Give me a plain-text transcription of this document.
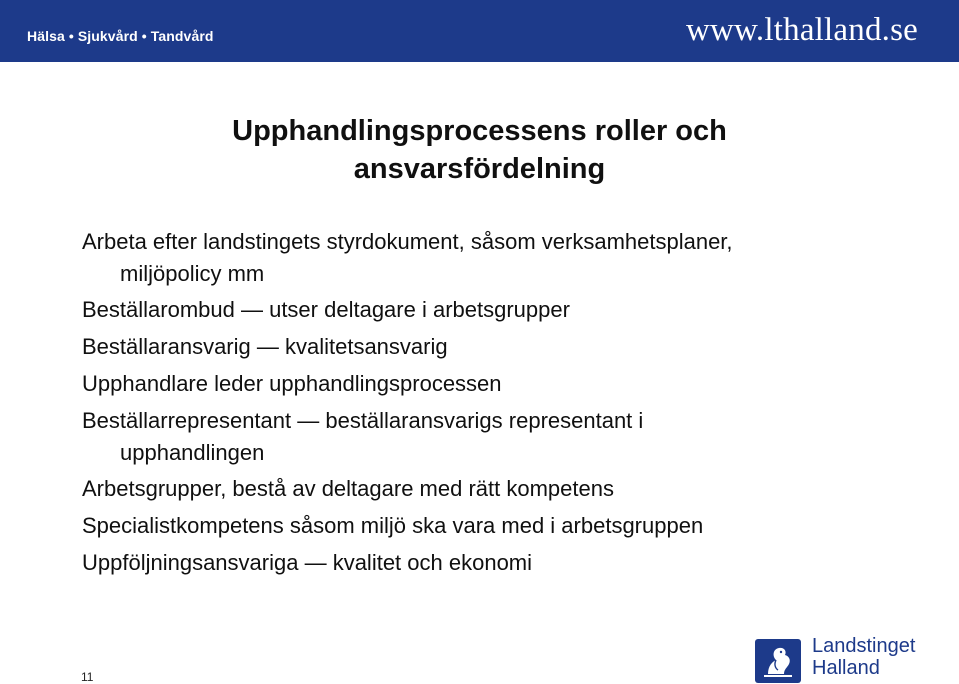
Hälsa • Sjukvård • Tandvård	www.lthalland.se
Upphandlingsprocessens roller och
ansvarsfördelning
Arbeta efter landstingets styrdokument, såsom verksamhetsplaner,
miljöpolicy mm
Beställarombud — utser deltagare i arbetsgrupper
Beställaransvarig — kvalitetsansvarig
Upphandlare leder upphandlingsprocessen
Beställarrepresentant — beställaransvarigs representant i
upphandlingen
Arbetsgrupper, bestå av deltagare med rätt kompetens
Specialistkompetens såsom miljö ska vara med i arbetsgruppen
Uppföljningsansvariga — kvalitet och ekonomi
11
Landstinget
Halland
